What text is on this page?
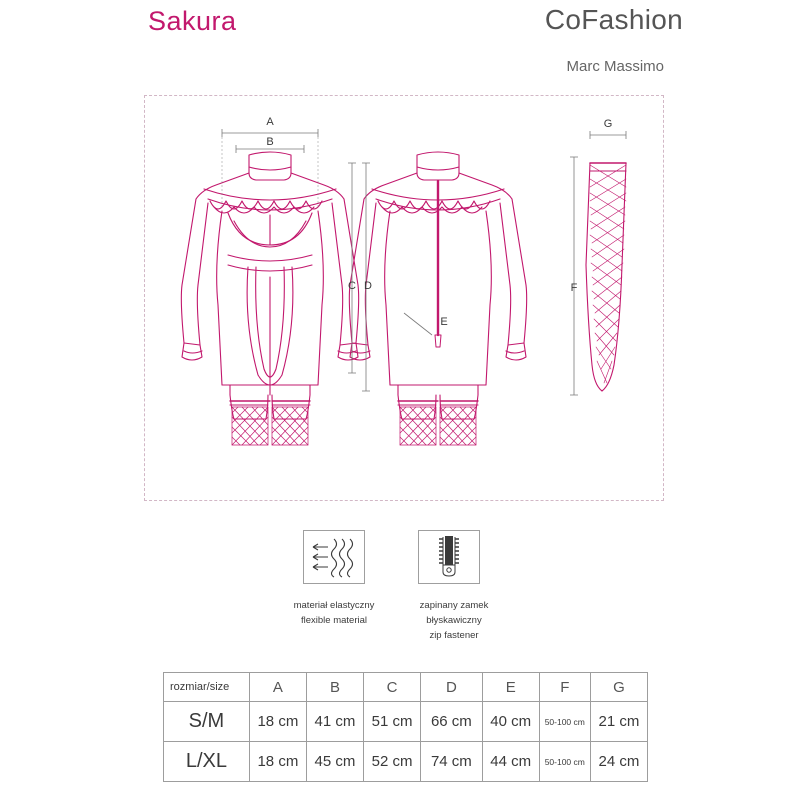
Sakura	CoFashion
Marc Massimo
A
B
C D
E
F
G
materiał elastyczny
flexible material
zapinany zamek
błyskawiczny
zip fastener
rozmiar/size	A	B	C	D	E	F	G
S/M	18 cm	41 cm	51 cm	66 cm	40 cm	50-100 cm	21 cm
L/XL	18 cm	45 cm	52 cm	74 cm	44 cm	50-100 cm	24 cm
